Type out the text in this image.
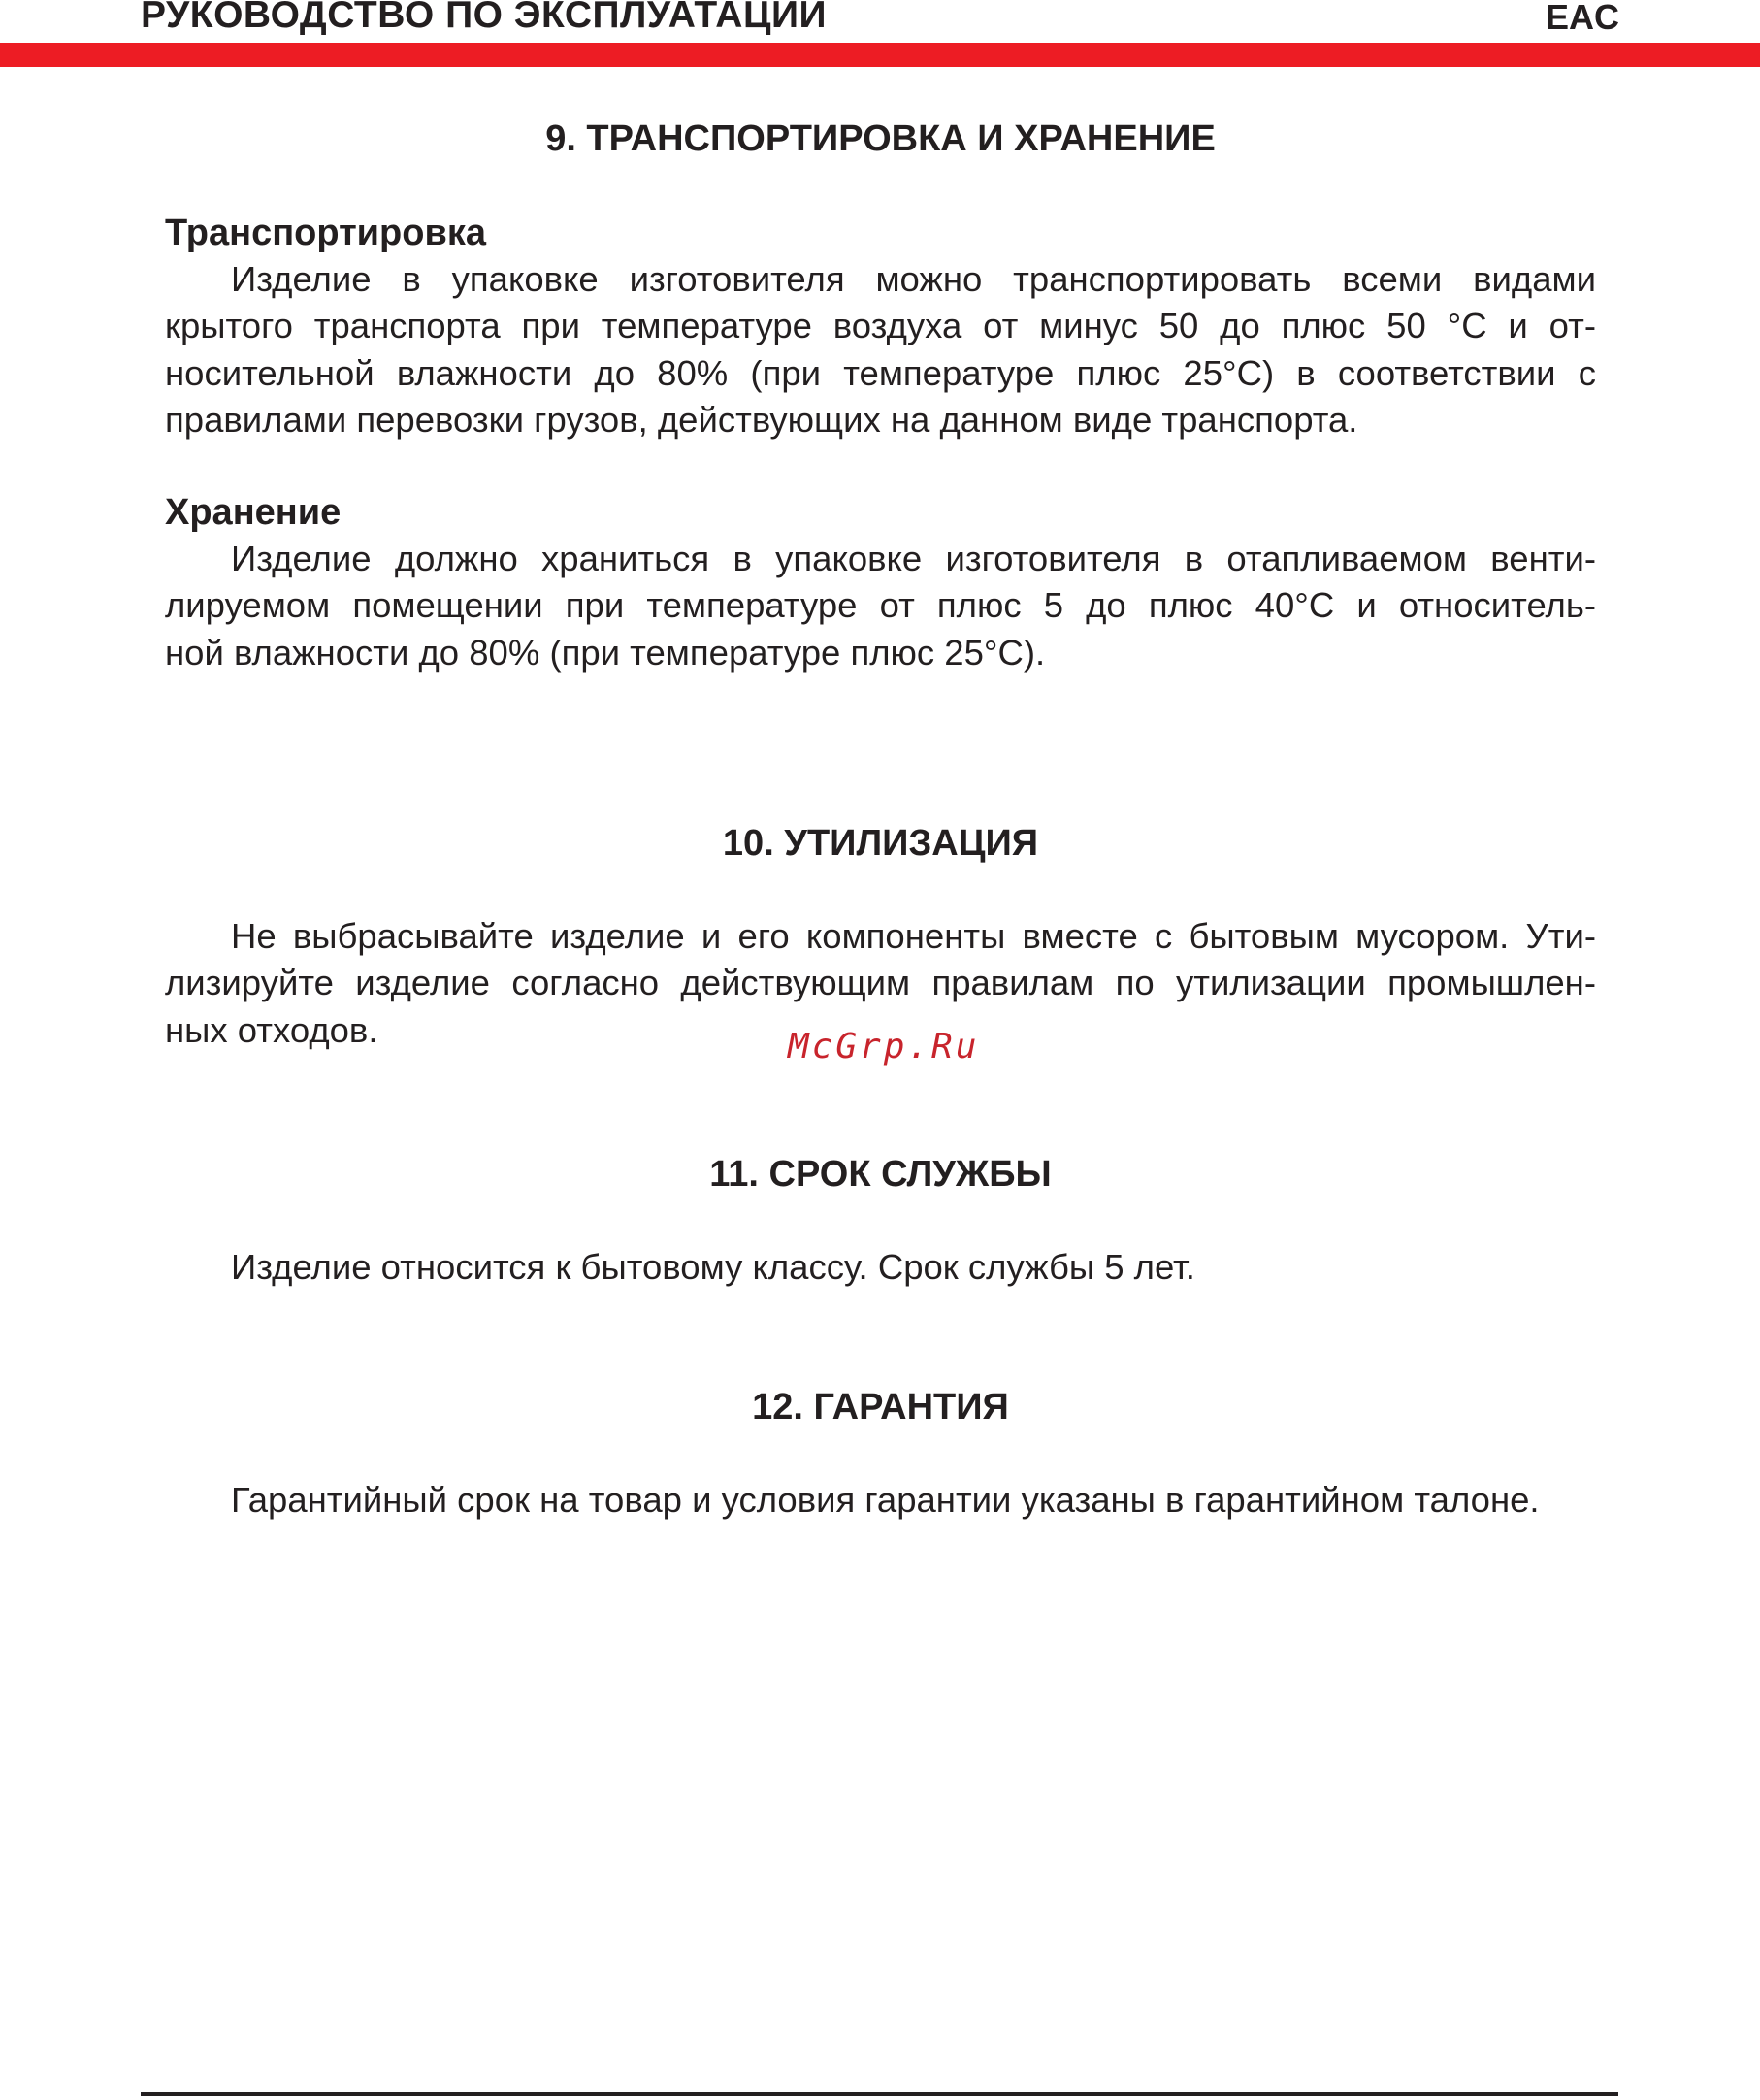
РУКОВОДСТВО ПО ЭКСПЛУАТАЦИИ	EAC
9. ТРАНСПОРТИРОВКА И ХРАНЕНИЕ
Транспортировка
Изделие в упаковке изготовителя можно транспортировать всеми видами
крытого транспорта при температуре воздуха от минус 50 до плюс 50 °С и от-
носительной влажности до 80% (при температуре плюс 25°С) в соответствии с
правилами перевозки грузов, действующих на данном виде транспорта.
Хранение
Изделие должно храниться в упаковке изготовителя в отапливаемом венти-
лируемом помещении при температуре от плюс 5 до плюс 40°С и относитель-
ной влажности до 80% (при температуре плюс 25°С).
10. УТИЛИЗАЦИЯ
Не выбрасывайте изделие и его компоненты вместе с бытовым мусором. Ути-
лизируйте изделие согласно действующим правилам по утилизации промышлен-
ных отходов.
11. СРОК СЛУЖБЫ
Изделие относится к бытовому классу. Срок службы 5 лет.
12. ГАРАНТИЯ
Гарантийный срок на товар и условия гарантии указаны в гарантийном талоне.
McGrp.Ru
